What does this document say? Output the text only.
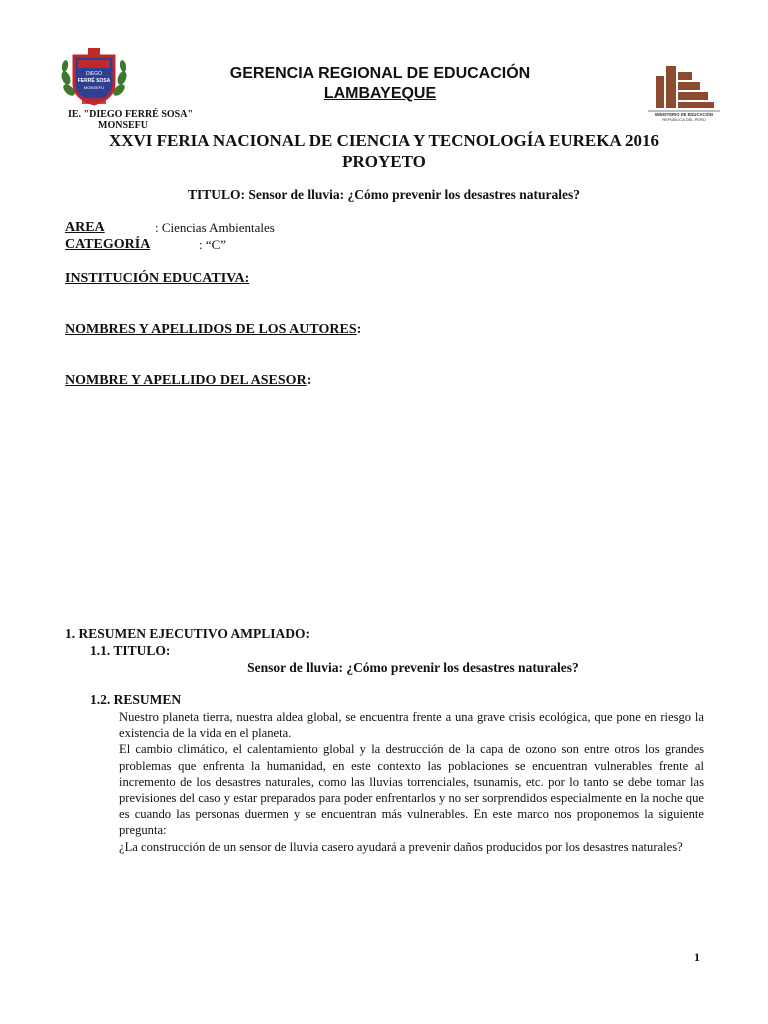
DIEGO
FERRÉ SOSA
MONSEFU
IE. "DIEGO FERRÉ SOSA"
MONSEFU
GERENCIA REGIONAL DE EDUCACIÓN
LAMBAYEQUE
MINISTERIO DE EDUCACIÓN
REPÚBLICA DEL PERÚ
XXVI FERIA NACIONAL DE CIENCIA Y TECNOLOGÍA EUREKA 2016
PROYETO
TITULO: Sensor de lluvia: ¿Cómo prevenir los desastres naturales?
AREA	: Ciencias Ambientales
CATEGORÍA	: “C”
INSTITUCIÓN EDUCATIVA:
NOMBRES Y APELLIDOS DE LOS AUTORES:
NOMBRE Y APELLIDO DEL ASESOR:
1. RESUMEN EJECUTIVO AMPLIADO:
1.1. TITULO:
Sensor de lluvia: ¿Cómo prevenir los desastres naturales?
1.2. RESUMEN

Nuestro planeta tierra, nuestra aldea global, se encuentra frente a una grave crisis ecológica, que pone en riesgo la existencia de la vida en el planeta.

El cambio climático, el calentamiento global y la destrucción de la capa de ozono son entre otros los grandes problemas que enfrenta la humanidad, en este contexto las poblaciones se encuentran vulnerables frente al incremento de los desastres naturales, como las lluvias torrenciales, tsunamis, etc. por lo tanto se debe tomar las previsiones del caso y estar preparados para poder enfrentarlos y no ser sorprendidos especialmente en la noche que es cuando las personas duermen y se encuentran más vulnerables. En este marco nos proponemos la siguiente pregunta:

¿La construcción de un sensor de lluvia casero ayudará a prevenir daños producidos por los desastres naturales?

1
